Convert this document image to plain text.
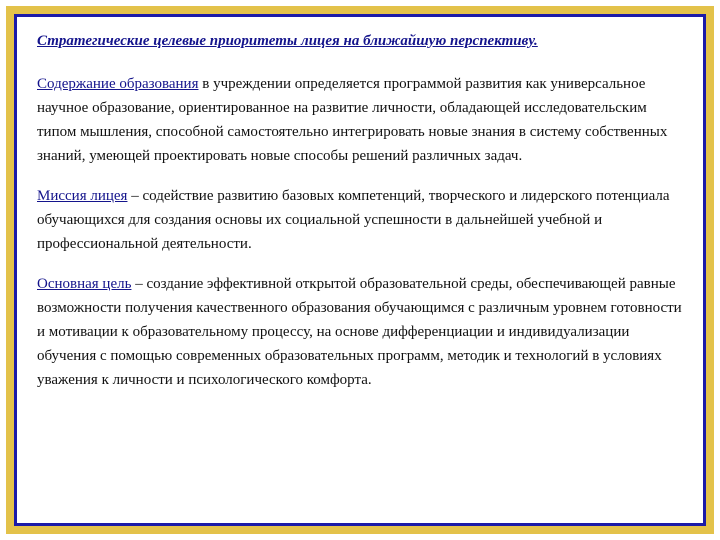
Стратегические целевые приоритеты лицея на ближайшую перспективу.

Содержание образования в учреждении определяется программой развития как универсальное научное образование, ориентированное на развитие личности, обладающей исследовательским типом мышления, способной самостоятельно интегрировать новые знания в систему собственных знаний, умеющей проектировать новые способы решений различных задач.

Миссия лицея – содействие развитию базовых компетенций, творческого и лидерского потенциала обучающихся для создания основы их социальной успешности в дальнейшей учебной и профессиональной деятельности.

Основная цель – создание эффективной открытой образовательной среды, обеспечивающей равные возможности получения качественного образования обучающимся с различным уровнем готовности и мотивации к образовательному процессу, на основе дифференциации и индивидуализации обучения с помощью современных образовательных программ, методик и технологий в условиях уважения к личности и психологического комфорта.
